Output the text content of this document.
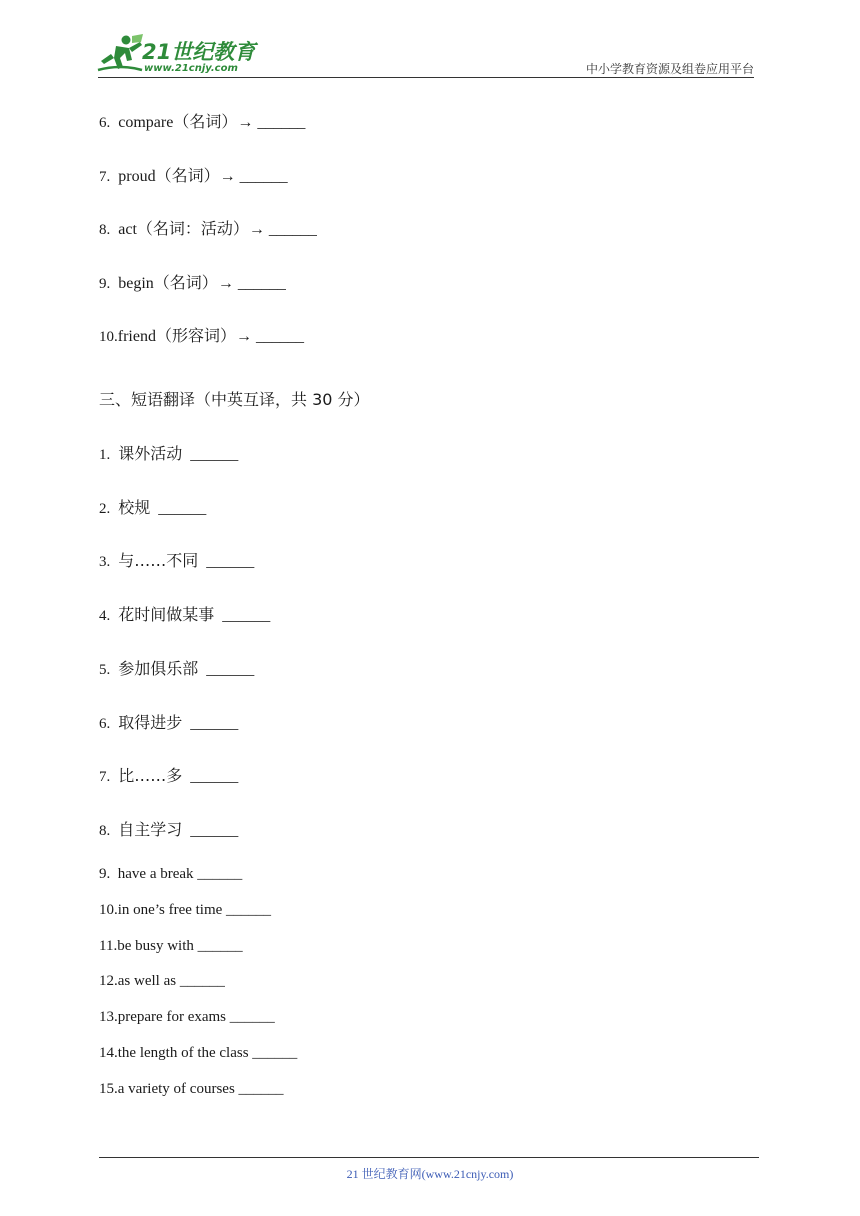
21世纪教育
www.21cnjy.com	中小学教育资源及组卷应用平台
6. compare（名词）→ ______
7. proud（名词）→ ______
8. act（名词：活动）→ ______
9. begin（名词）→ ______
10.friend（形容词）→ ______
三、短语翻译（中英互译，共 30 分）
1. 课外活动 ______
2. 校规 ______
3. 与……不同 ______
4. 花时间做某事 ______
5. 参加俱乐部 ______
6. 取得进步 ______
7. 比……多 ______
8. 自主学习 ______
9. have a break ______
10.in one’s free time ______
11.be busy with ______
12.as well as ______
13.prepare for exams ______
14.the length of the class ______
15.a variety of courses ______
21 世纪教育网(www.21cnjy.com)
